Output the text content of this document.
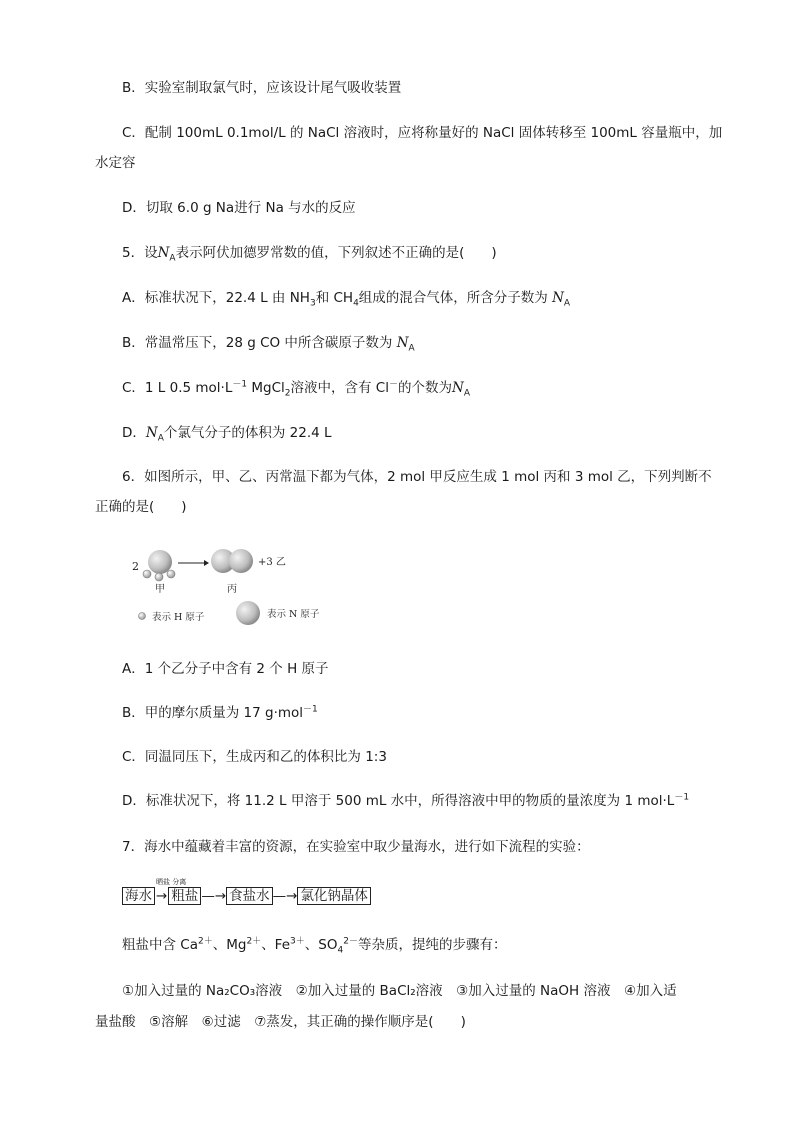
B．实验室制取氯气时，应该设计尾气吸收装置
C．配制 100mL 0.1mol/L 的 NaCl 溶液时，应将称量好的 NaCl 固体转移至 100mL 容量瓶中，加
水定容
D．切取 6.0 g Na进行 Na 与水的反应
5．设$N_A$表示阿伏加德罗常数的值，下列叙述不正确的是(　　)
A．标准状况下，22.4 L 由 $NH_3$和 $CH_4$组成的混合气体，所含分子数为 $N_A$
B．常温常压下，28 g CO 中所含碳原子数为 $N_A$
C．1 L 0.5 $mol\cdot L^{-1}$ MgCl$_2$溶液中，含有 Cl－的个数为$N_A$
D．$N_A$个氯气分子的体积为 22.4 L
6．如图所示，甲、乙、丙常温下都为气体，2 mol 甲反应生成 1 mol 丙和 3 mol 乙，下列判断不
正确的是(　　)
2	+3 乙
甲	丙
表示 H 原子	表示 N 原子
A．1 个乙分子中含有 2 个 H 原子
B．甲的摩尔质量为 17 g·mol$^{-1}$
C．同温同压下，生成丙和乙的体积比为 1:3
D．标准状况下，将 11.2 L 甲溶于 500 mL 水中，所得溶液中甲的物质的量浓度为 1 $mol\cdot L^{-1}$
7．海水中蕴藏着丰富的资源，在实验室中取少量海水，进行如下流程的实验：
海水
晒盐 分离
→ 粗盐 —→ 食盐水 —→ 氯化钠晶体
粗盐中含 $Ca^{2+}$、$Mg^{2+}$、$Fe^{3+}$、$SO_4^{2-}$等杂质，提纯的步骤有：
①加入过量的 Na₂CO₃溶液　②加入过量的 BaCl₂溶液　③加入过量的 NaOH 溶液　④加入适
量盐酸　⑤溶解　⑥过滤　⑦蒸发，其正确的操作顺序是(　　)
